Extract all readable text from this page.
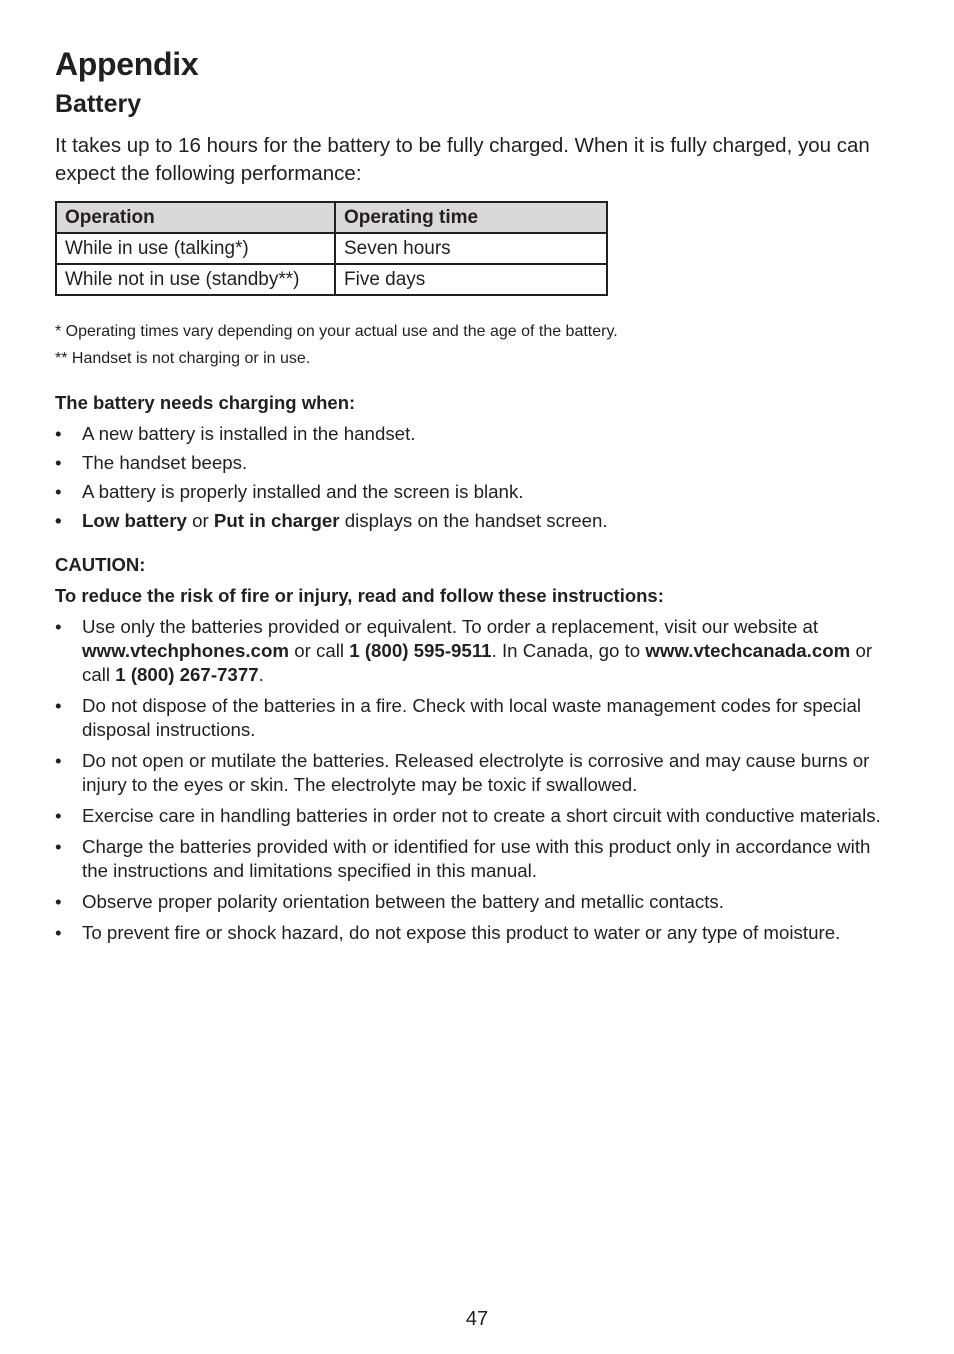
Appendix
Battery

It takes up to 16 hours for the battery to be fully charged. When it is fully charged, you can expect the following performance:

Operation	Operating time
While in use (talking*)	Seven hours
While not in use (standby**)	Five days

* Operating times vary depending on your actual use and the age of the battery.

** Handset is not charging or in use.

The battery needs charging when:

• A new battery is installed in the handset.
• The handset beeps.
• A battery is properly installed and the screen is blank.
• Low battery or Put in charger displays on the handset screen.

CAUTION:

To reduce the risk of fire or injury, read and follow these instructions:

• Use only the batteries provided or equivalent. To order a replacement, visit our website at www.vtechphones.com or call 1 (800) 595-9511. In Canada, go to www.vtechcanada.com or call 1 (800) 267-7377.
• Do not dispose of the batteries in a fire. Check with local waste management codes for special disposal instructions.
• Do not open or mutilate the batteries. Released electrolyte is corrosive and may cause burns or injury to the eyes or skin. The electrolyte may be toxic if swallowed.
• Exercise care in handling batteries in order not to create a short circuit with conductive materials.
• Charge the batteries provided with or identified for use with this product only in accordance with the instructions and limitations specified in this manual.
• Observe proper polarity orientation between the battery and metallic contacts.
• To prevent fire or shock hazard, do not expose this product to water or any type of moisture.
47
